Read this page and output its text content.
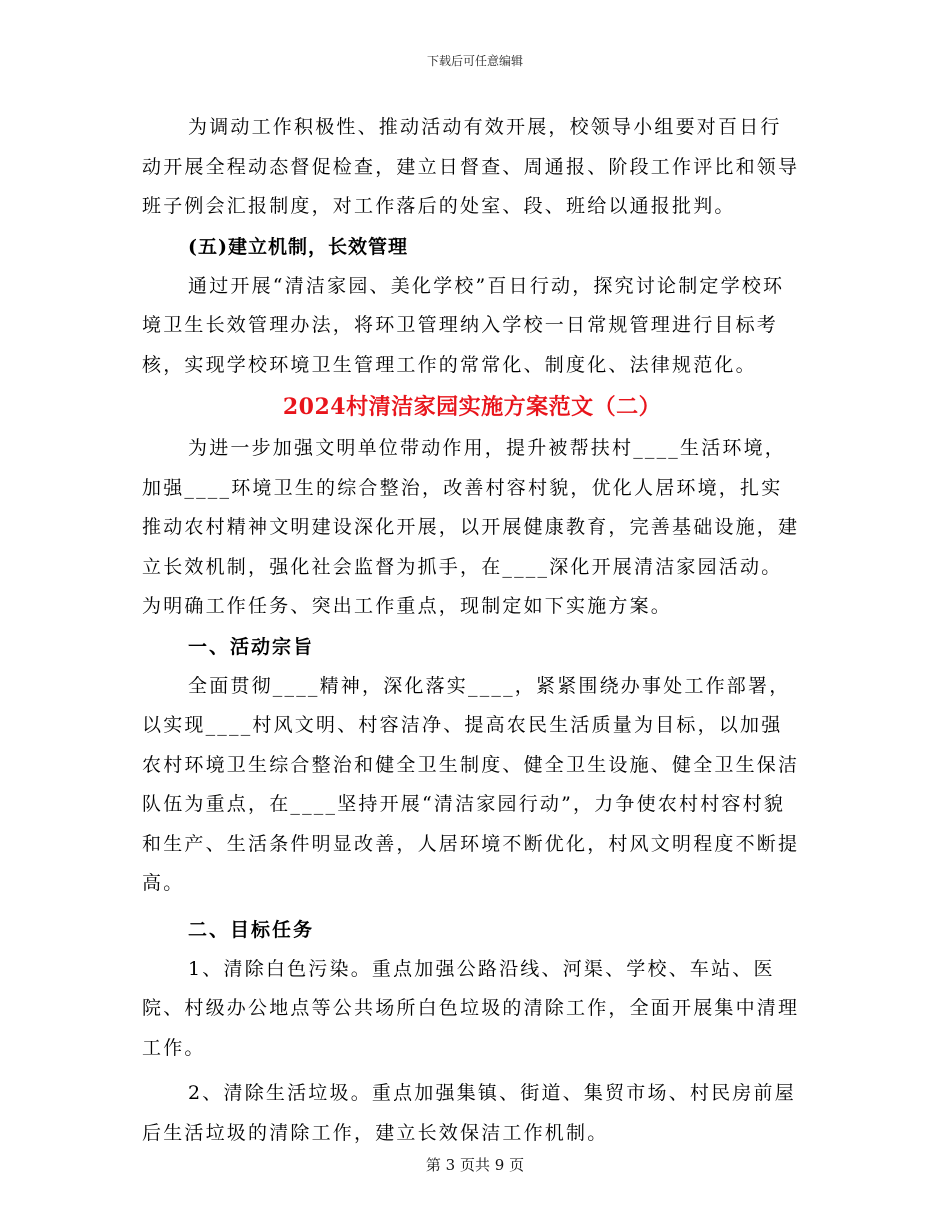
下载后可任意编辑

为调动工作积极性、推动活动有效开展，校领导小组要对百日行动开展全程动态督促检查，建立日督查、周通报、阶段工作评比和领导班子例会汇报制度，对工作落后的处室、段、班给以通报批判。

(五)建立机制，长效管理

通过开展“清洁家园、美化学校”百日行动，探究讨论制定学校环境卫生长效管理办法，将环卫管理纳入学校一日常规管理进行目标考核，实现学校环境卫生管理工作的常常化、制度化、法律规范化。

2024村清洁家园实施方案范文（二）

为进一步加强文明单位带动作用，提升被帮扶村____生活环境，加强____环境卫生的综合整治，改善村容村貌，优化人居环境，扎实推动农村精神文明建设深化开展，以开展健康教育，完善基础设施，建立长效机制，强化社会监督为抓手，在____深化开展清洁家园活动。为明确工作任务、突出工作重点，现制定如下实施方案。

一、活动宗旨

全面贯彻____精神，深化落实____，紧紧围绕办事处工作部署，以实现____村风文明、村容洁净、提高农民生活质量为目标，以加强农村环境卫生综合整治和健全卫生制度、健全卫生设施、健全卫生保洁队伍为重点，在____坚持开展“清洁家园行动”，力争使农村村容村貌和生产、生活条件明显改善，人居环境不断优化，村风文明程度不断提高。

二、目标任务

1、清除白色污染。重点加强公路沿线、河渠、学校、车站、医院、村级办公地点等公共场所白色垃圾的清除工作，全面开展集中清理工作。

2、清除生活垃圾。重点加强集镇、街道、集贸市场、村民房前屋后生活垃圾的清除工作，建立长效保洁工作机制。

第 3 页共 9 页
